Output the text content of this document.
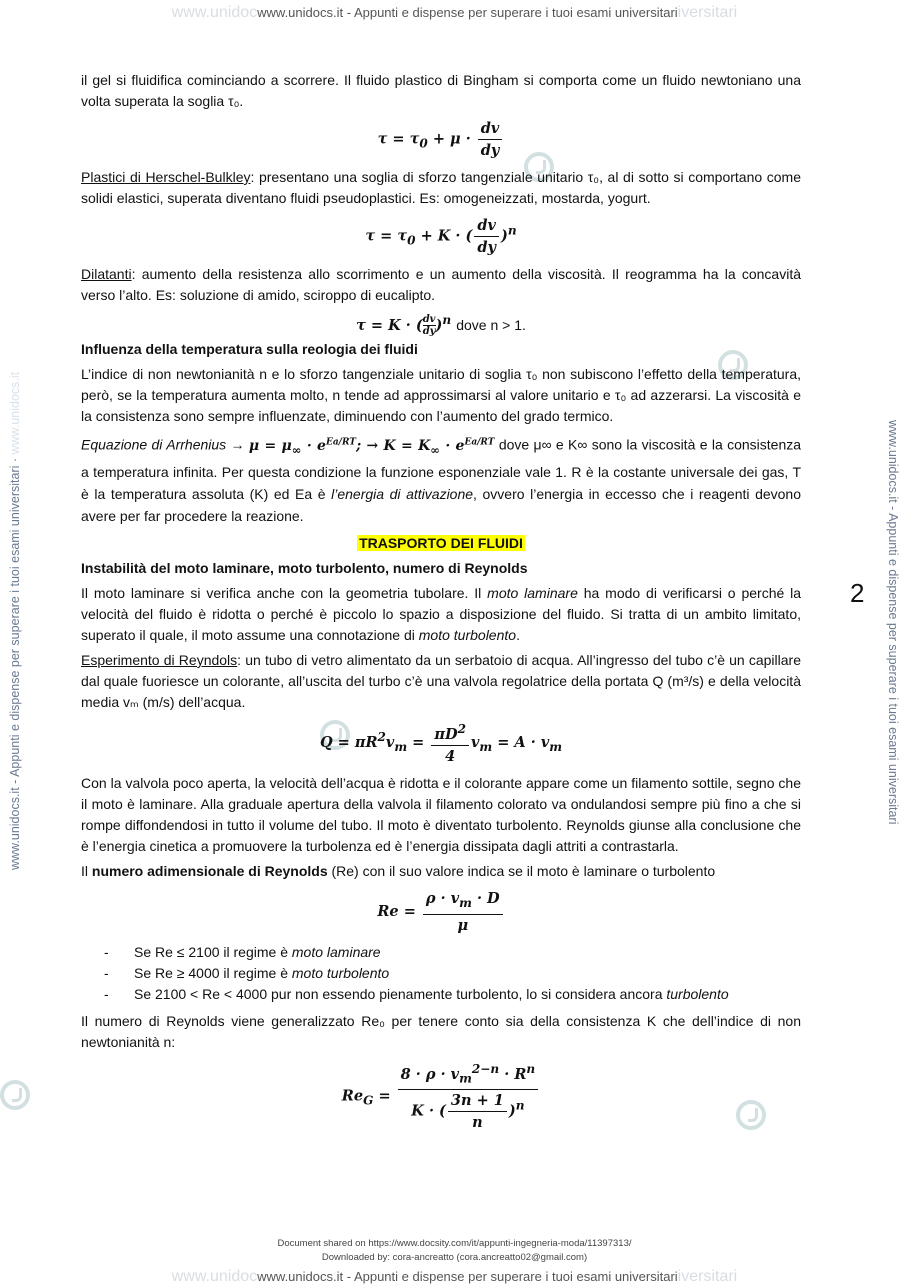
www.unidocwww.unidocs.it - Appunti e dispense per superare i tuoi esami universitariiversitari
www.unidocs.it - Appunti e dispense per superare i tuoi esami universitari · www.unidocs.it
www.unidocs.it - Appunti e dispense per superare i tuoi esami universitari
2

il gel si fluidifica cominciando a scorrere. Il fluido plastico di Bingham si comporta come un fluido newtoniano una volta superata la soglia τ₀.

$\tau = \tau_0 + \mu \cdot \frac{dv}{dy}$

Plastici di Herschel-Bulkley: presentano una soglia di sforzo tangenziale unitario τ₀, al di sotto si comportano come solidi elastici, superata diventano fluidi pseudoplastici. Es: omogeneizzati, mostarda, yogurt.

$\tau = \tau_0 + K$ · ( $\frac{dv}{dy} )^n$

Dilatanti: aumento della resistenza allo scorrimento e un aumento della viscosità. Il reogramma ha la concavità verso l’alto. Es: soluzione di amido, sciroppo di eucalipto.

τ = K · ( $\frac{dv}{dy})^n$ dove n > 1.
Influenza della temperatura sulla reologia dei fluidi

L’indice di non newtonianità n e lo sforzo tangenziale unitario di soglia τ₀ non subiscono l’effetto della temperatura, però, se la temperatura aumenta molto, n tende ad approssimarsi al valore unitario e τ₀ ad azzerarsi. La viscosità e la consistenza sono sempre influenzate, diminuendo con l’aumento del grado termico.

Equazione di Arrhenius → $\mu = \mu_\infty \cdot e^{Ea/RT}$; → $K = K_\infty \cdot e^{Ea/RT}$ dove μ∞ e K∞ sono la viscosità e la consistenza a temperatura infinita. Per questa condizione la funzione esponenziale vale 1. R è la costante universale dei gas, T è la temperatura assoluta (K) ed Ea è l’energia di attivazione, ovvero l’energia in eccesso che i reagenti devono avere per far procedere la reazione.

TRASPORTO DEI FLUIDI
Instabilità del moto laminare, moto turbolento, numero di Reynolds

Il moto laminare si verifica anche con la geometria tubolare. Il moto laminare ha modo di verificarsi o perché la velocità del fluido è ridotta o perché è piccolo lo spazio a disposizione del fluido. Si tratta di un ambito limitato, superato il quale, il moto assume una connotazione di moto turbolento.

Esperimento di Reyndols: un tubo di vetro alimentato da un serbatoio di acqua. All’ingresso del tubo c’è un capillare dal quale fuoriesce un colorante, all’uscita del turbo c’è una valvola regolatrice della portata Q (m³/s) e della velocità media vₘ (m/s) dell’acqua.

$Q = \pi R^2v_m = \frac{\pi D^2}{4} v_m = A \cdot v_m$

Con la valvola poco aperta, la velocità dell’acqua è ridotta e il colorante appare come un filamento sottile, segno che il moto è laminare. Alla graduale apertura della valvola il filamento colorato va ondulandosi sempre più fino a che si rompe diffondendosi in tutto il volume del tubo. Il moto è diventato turbolento. Reynolds giunse alla conclusione che è l’energia cinetica a promuovere la turbolenza ed è l’energia dissipata dagli attriti a contrastarla.

Il numero adimensionale di Reynolds (Re) con il suo valore indica se il moto è laminare o turbolento

$Re = \frac{\rho \cdot v_m \cdot D}{\mu}$
- Se Re ≤ 2100 il regime è moto laminare
- Se Re ≥ 4000 il regime è moto turbolento
- Se 2100 < Re < 4000 pur non essendo pienamente turbolento, lo si considera ancora turbolento

Il numero di Reynolds viene generalizzato Re₀ per tenere conto sia della consistenza K che dell’indice di non newtonianità n:

$Re_G = \frac{8 \cdot \rho \cdot v_m^{2-n} \cdot R^n}{K \cdot ( \frac{3n + 1}{n} )^n}$
Document shared on https://www.docsity.com/it/appunti-ingegneria-moda/11397313/
Downloaded by: cora-ancreatto (cora.ancreatto02@gmail.com)
www.unidocwww.unidocs.it - Appunti e dispense per superare i tuoi esami universitariiversitari
